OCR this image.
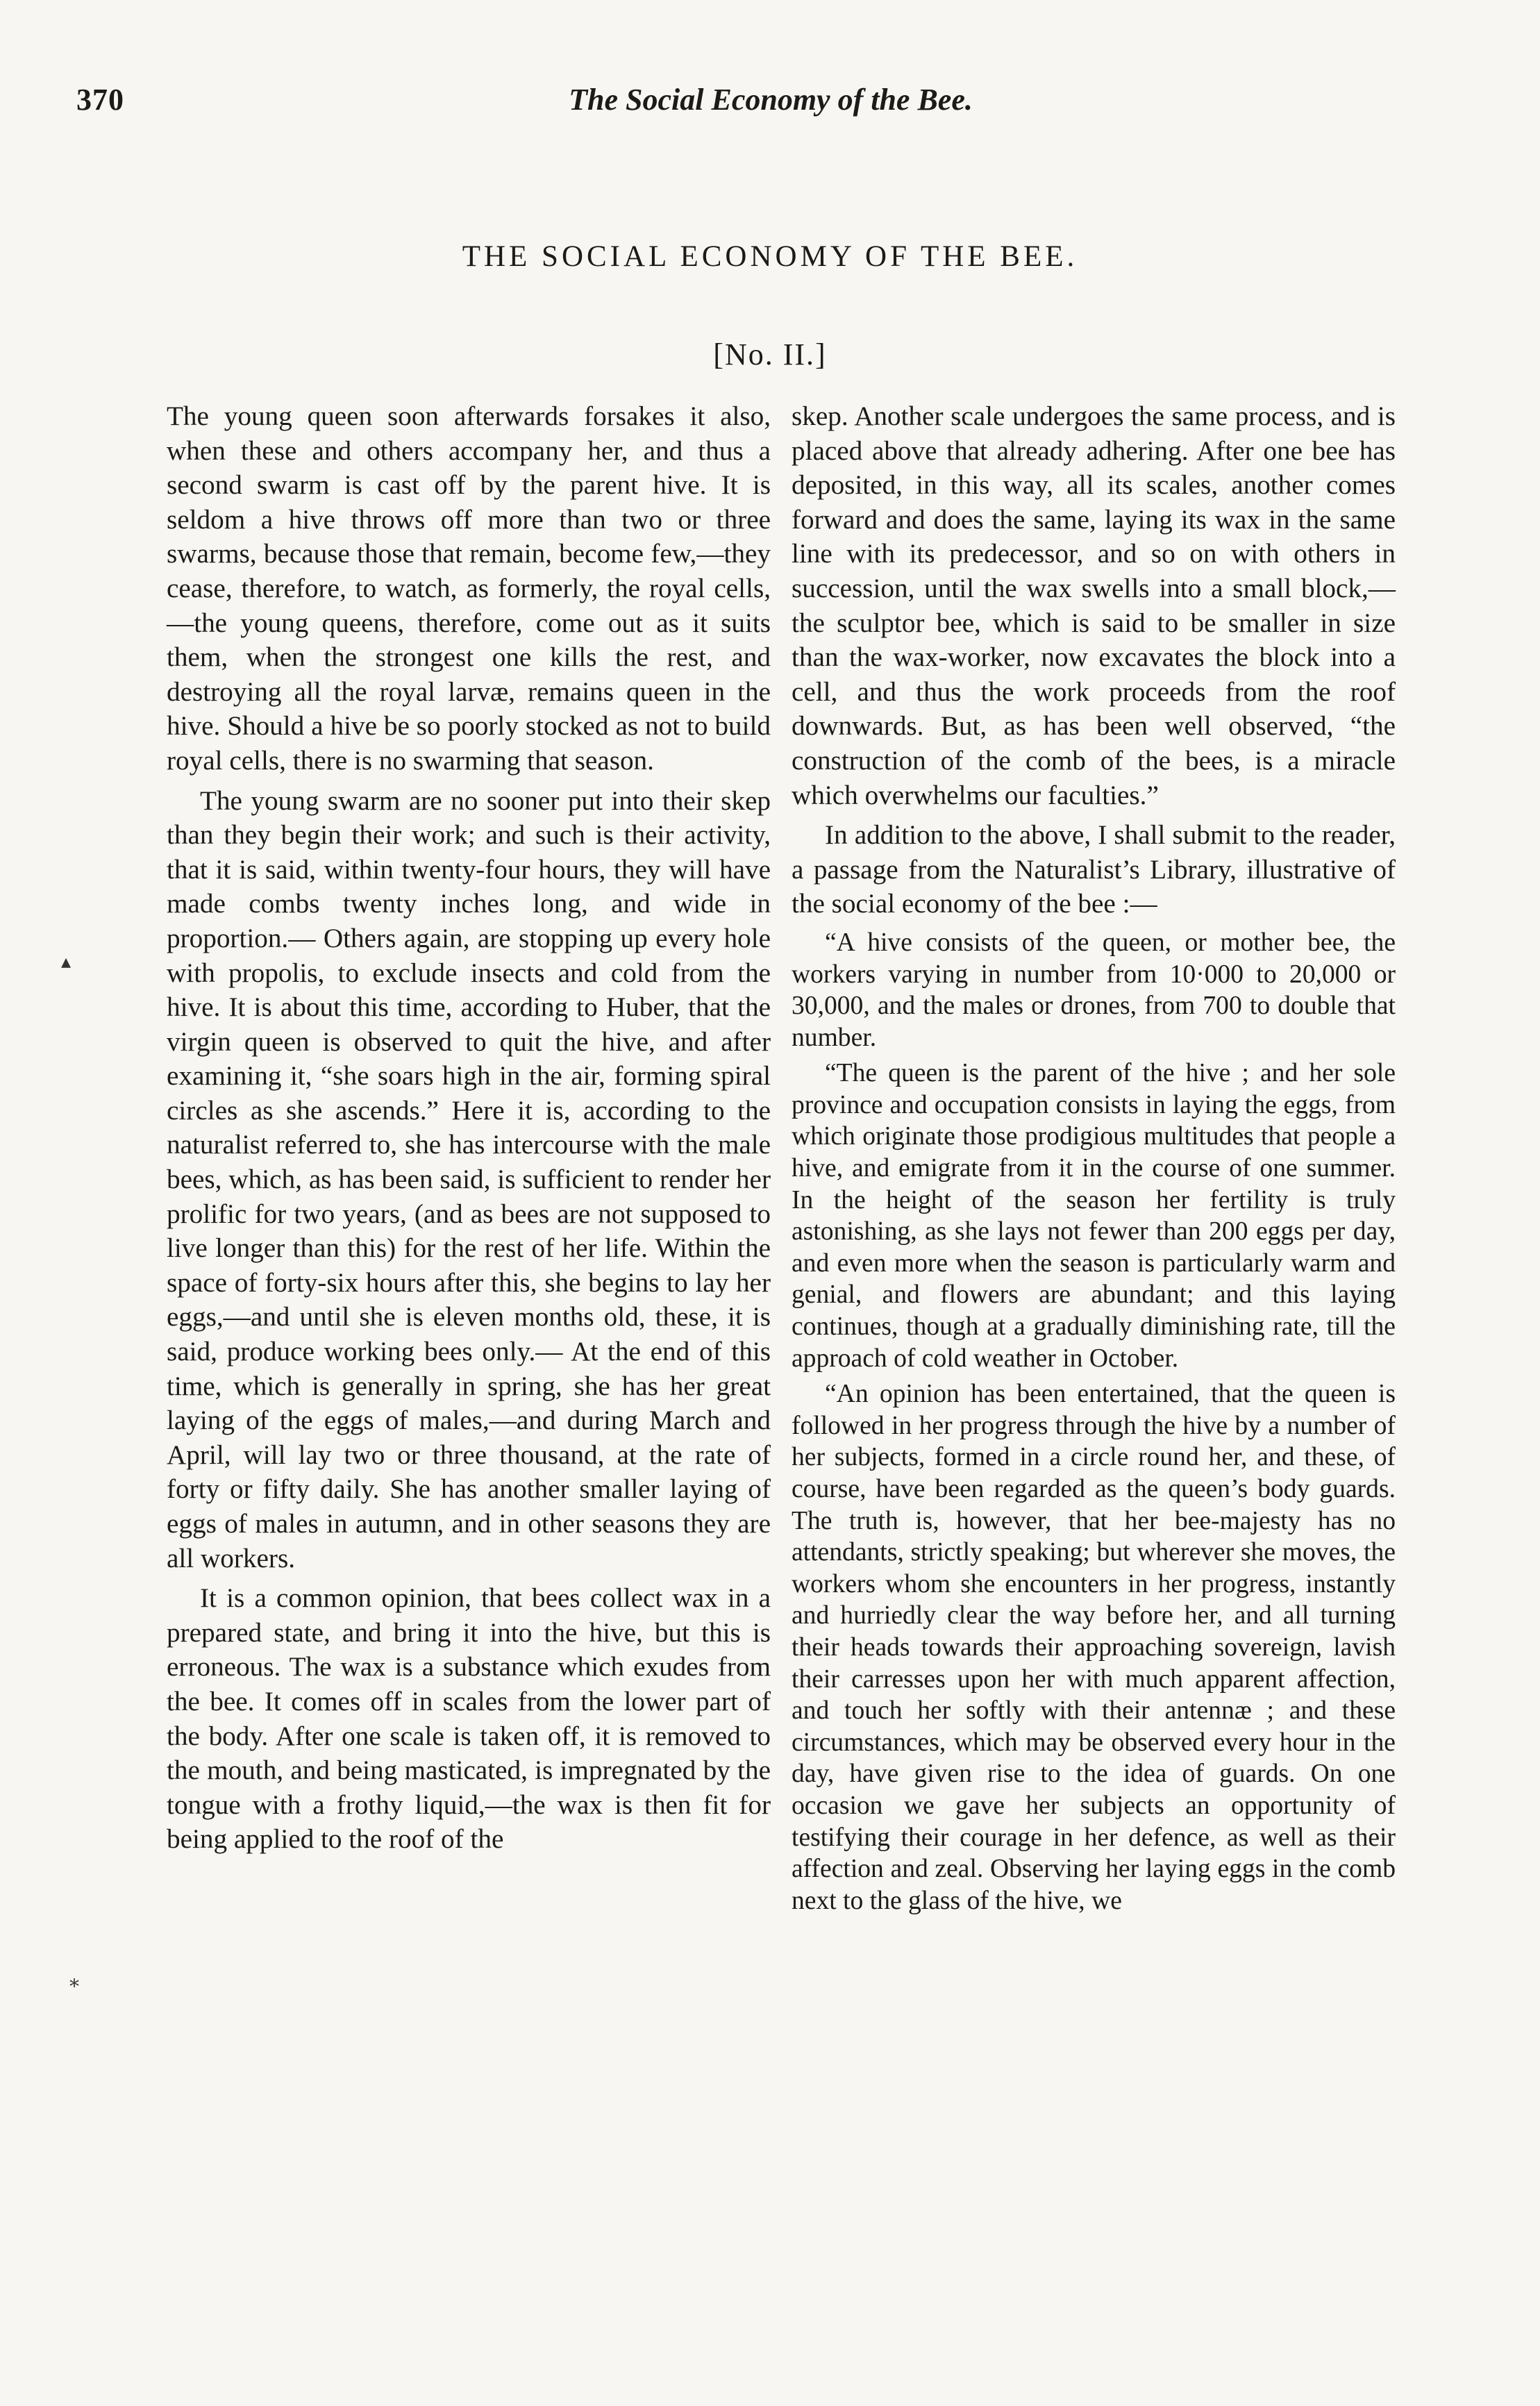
370	The Social Economy of the Bee.
THE SOCIAL ECONOMY OF THE BEE.
[No. II.]
▴
⁎

The young queen soon afterwards forsakes it also, when these and others accompany her, and thus a second swarm is cast off by the parent hive. It is seldom a hive throws off more than two or three swarms, because those that remain, become few,—they cease, therefore, to watch, as formerly, the royal cells,—the young queens, therefore, come out as it suits them, when the strongest one kills the rest, and destroying all the royal larvæ, remains queen in the hive. Should a hive be so poorly stocked as not to build royal cells, there is no swarming that season.

The young swarm are no sooner put into their skep than they begin their work; and such is their activity, that it is said, within twenty-four hours, they will have made combs twenty inches long, and wide in proportion.— Others again, are stopping up every hole with propolis, to exclude insects and cold from the hive. It is about this time, according to Huber, that the virgin queen is observed to quit the hive, and after examining it, “she soars high in the air, forming spiral circles as she ascends.” Here it is, according to the naturalist referred to, she has intercourse with the male bees, which, as has been said, is sufficient to render her prolific for two years, (and as bees are not supposed to live longer than this) for the rest of her life. Within the space of forty-six hours after this, she begins to lay her eggs,—and until she is eleven months old, these, it is said, produce working bees only.— At the end of this time, which is generally in spring, she has her great laying of the eggs of males,—and during March and April, will lay two or three thousand, at the rate of forty or fifty daily. She has another smaller laying of eggs of males in autumn, and in other seasons they are all workers.

It is a common opinion, that bees collect wax in a prepared state, and bring it into the hive, but this is erroneous. The wax is a substance which exudes from the bee. It comes off in scales from the lower part of the body. After one scale is taken off, it is removed to the mouth, and being masticated, is impregnated by the tongue with a frothy liquid,—the wax is then fit for being applied to the roof of the

skep. Another scale undergoes the same process, and is placed above that already adhering. After one bee has deposited, in this way, all its scales, another comes forward and does the same, laying its wax in the same line with its predecessor, and so on with others in succession, until the wax swells into a small block,— the sculptor bee, which is said to be smaller in size than the wax-worker, now excavates the block into a cell, and thus the work proceeds from the roof downwards. But, as has been well observed, “the construction of the comb of the bees, is a miracle which overwhelms our faculties.”

In addition to the above, I shall submit to the reader, a passage from the Naturalist’s Library, illustrative of the social economy of the bee :—

“A hive consists of the queen, or mother bee, the workers varying in number from 10·000 to 20,000 or 30,000, and the males or drones, from 700 to double that number.

“The queen is the parent of the hive ; and her sole province and occupation consists in laying the eggs, from which originate those prodigious multitudes that people a hive, and emigrate from it in the course of one summer. In the height of the season her fertility is truly astonishing, as she lays not fewer than 200 eggs per day, and even more when the season is particularly warm and genial, and flowers are abundant; and this laying continues, though at a gradually diminishing rate, till the approach of cold weather in October.

“An opinion has been entertained, that the queen is followed in her progress through the hive by a number of her subjects, formed in a circle round her, and these, of course, have been regarded as the queen’s body guards. The truth is, however, that her bee-majesty has no attendants, strictly speaking; but wherever she moves, the workers whom she encounters in her progress, instantly and hurriedly clear the way before her, and all turning their heads towards their approaching sovereign, lavish their carresses upon her with much apparent affection, and touch her softly with their antennæ ; and these circumstances, which may be observed every hour in the day, have given rise to the idea of guards. On one occasion we gave her subjects an opportunity of testifying their courage in her defence, as well as their affection and zeal. Observing her laying eggs in the comb next to the glass of the hive, we
